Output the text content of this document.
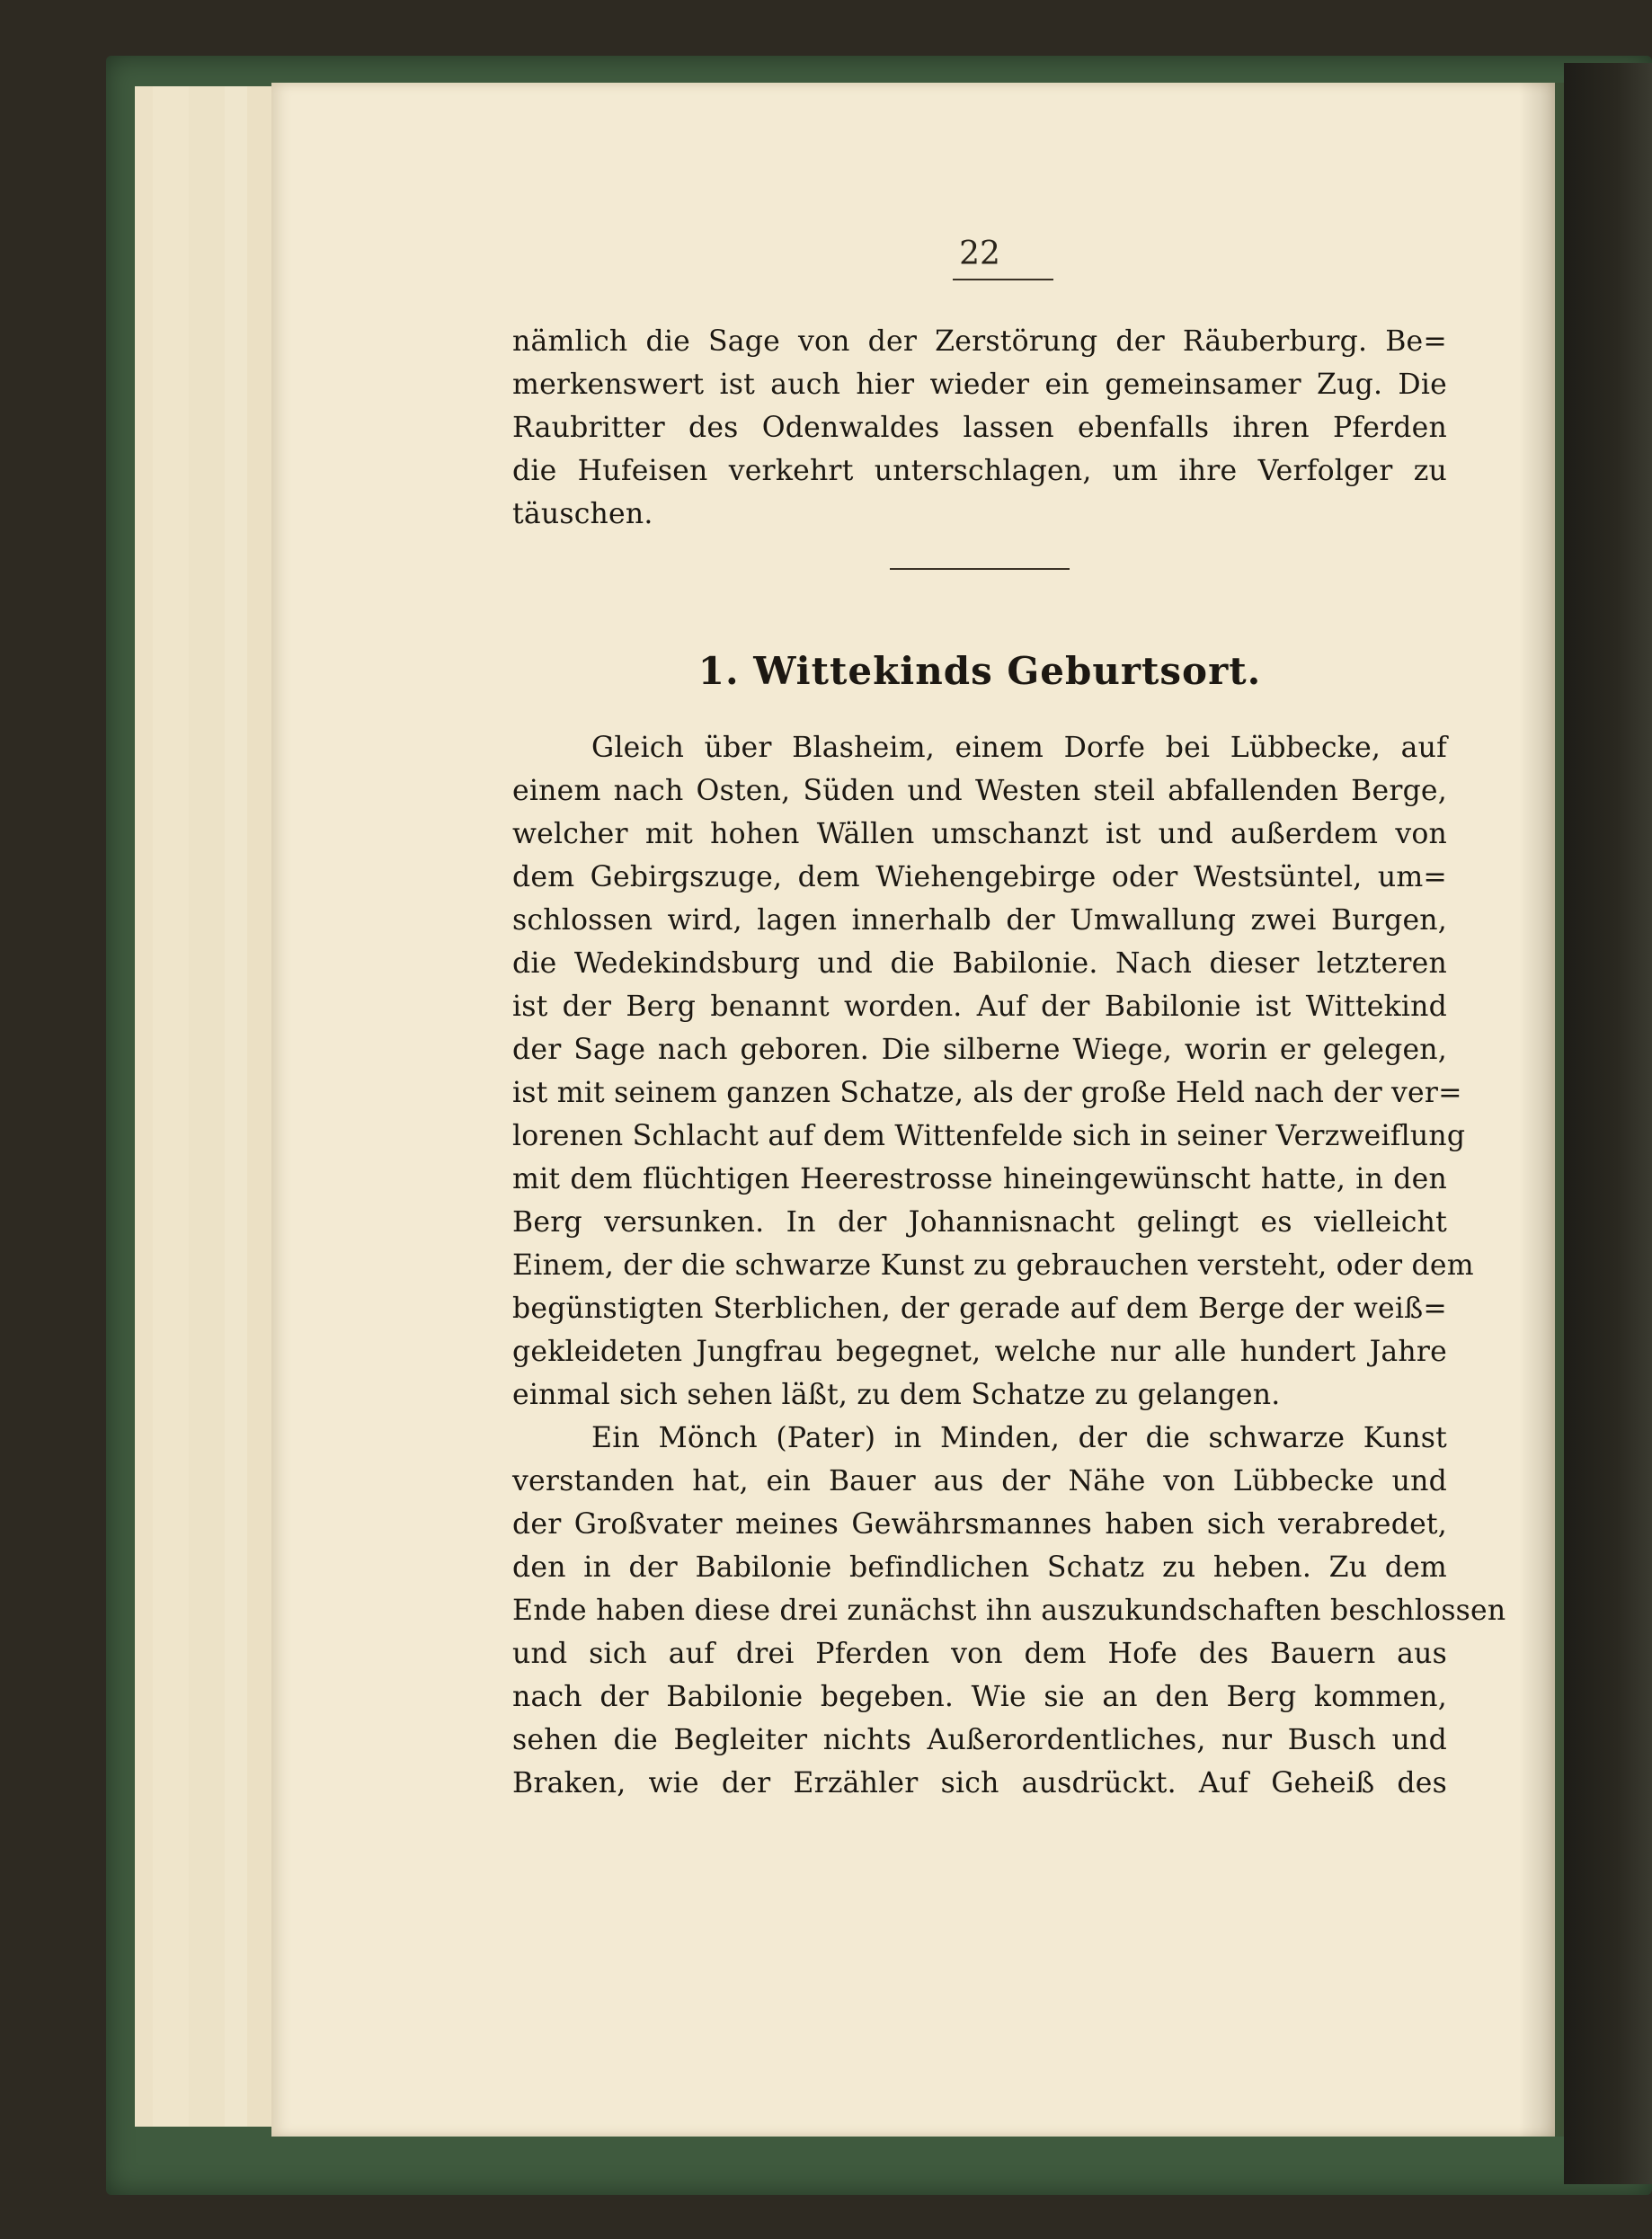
22
nämlich die Sage von der Zerstörung der Räuberburg. Be=
merkenswert ist auch hier wieder ein gemeinsamer Zug. Die
Raubritter des Odenwaldes lassen ebenfalls ihren Pferden
die Hufeisen verkehrt unterschlagen, um ihre Verfolger zu
täuschen.
1. Wittekinds Geburtsort.
Gleich über Blasheim, einem Dorfe bei Lübbecke, auf
einem nach Osten, Süden und Westen steil abfallenden Berge,
welcher mit hohen Wällen umschanzt ist und außerdem von
dem Gebirgszuge, dem Wiehengebirge oder Westsüntel, um=
schlossen wird, lagen innerhalb der Umwallung zwei Burgen,
die Wedekindsburg und die Babilonie. Nach dieser letzteren
ist der Berg benannt worden. Auf der Babilonie ist Wittekind
der Sage nach geboren. Die silberne Wiege, worin er gelegen,
ist mit seinem ganzen Schatze, als der große Held nach der ver=
lorenen Schlacht auf dem Wittenfelde sich in seiner Verzweiflung
mit dem flüchtigen Heerestrosse hineingewünscht hatte, in den
Berg versunken. In der Johannisnacht gelingt es vielleicht
Einem, der die schwarze Kunst zu gebrauchen versteht, oder dem
begünstigten Sterblichen, der gerade auf dem Berge der weiß=
gekleideten Jungfrau begegnet, welche nur alle hundert Jahre
einmal sich sehen läßt, zu dem Schatze zu gelangen.
Ein Mönch (Pater) in Minden, der die schwarze Kunst
verstanden hat, ein Bauer aus der Nähe von Lübbecke und
der Großvater meines Gewährsmannes haben sich verabredet,
den in der Babilonie befindlichen Schatz zu heben. Zu dem
Ende haben diese drei zunächst ihn auszukundschaften beschlossen
und sich auf drei Pferden von dem Hofe des Bauern aus
nach der Babilonie begeben. Wie sie an den Berg kommen,
sehen die Begleiter nichts Außerordentliches, nur Busch und
Braken, wie der Erzähler sich ausdrückt. Auf Geheiß des
